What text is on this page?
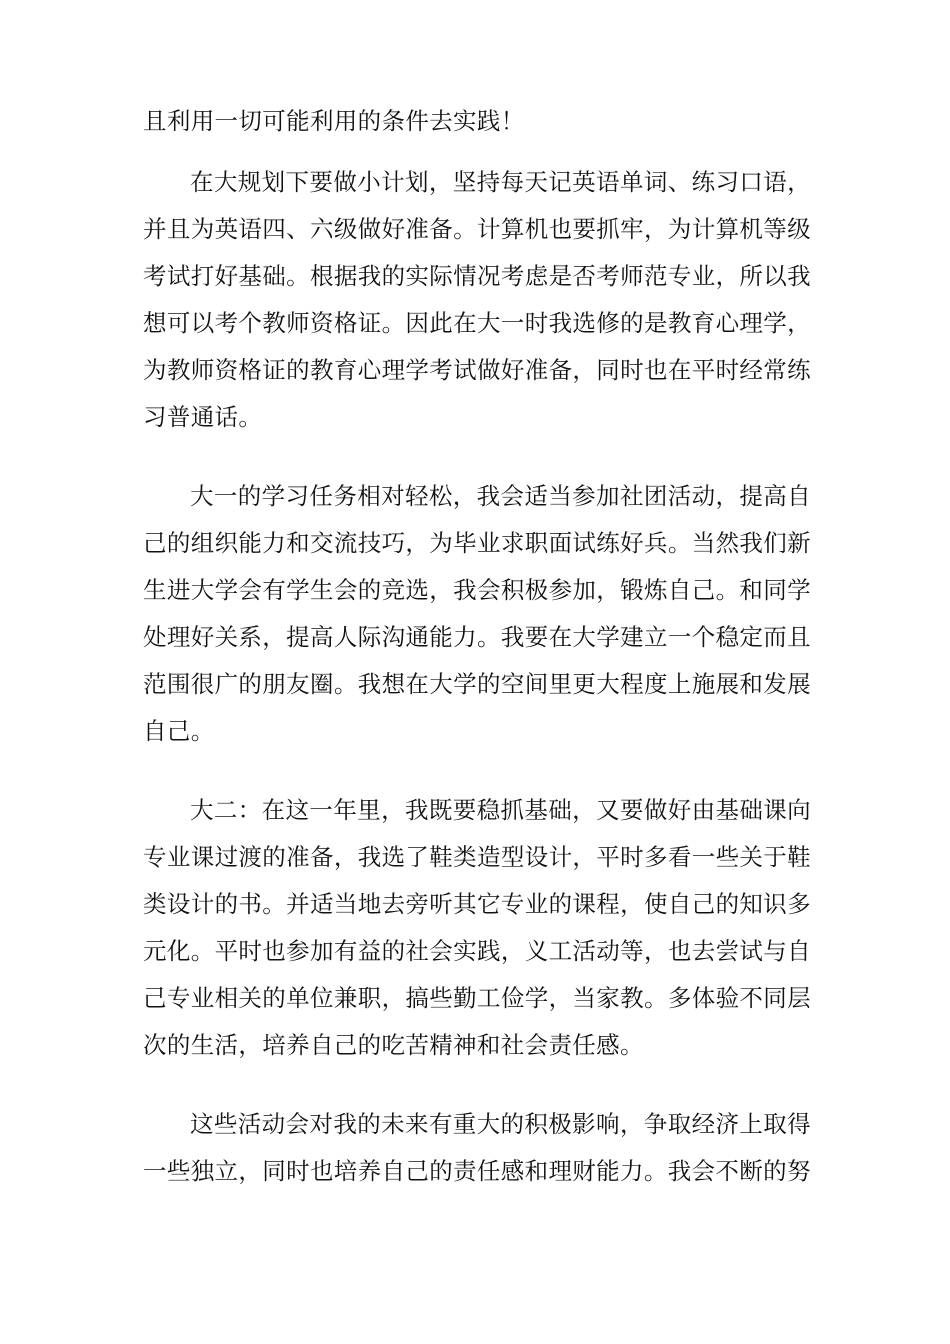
且利用一切可能利用的条件去实践！

在大规划下要做小计划，坚持每天记英语单词、练习口语，并且为英语四、六级做好准备。计算机也要抓牢，为计算机等级考试打好基础。根据我的实际情况考虑是否考师范专业，所以我想可以考个教师资格证。因此在大一时我选修的是教育心理学，为教师资格证的教育心理学考试做好准备，同时也在平时经常练习普通话。

大一的学习任务相对轻松，我会适当参加社团活动，提高自己的组织能力和交流技巧，为毕业求职面试练好兵。当然我们新生进大学会有学生会的竞选，我会积极参加，锻炼自己。和同学处理好关系，提高人际沟通能力。我要在大学建立一个稳定而且范围很广的朋友圈。我想在大学的空间里更大程度上施展和发展自己。

大二：在这一年里，我既要稳抓基础，又要做好由基础课向专业课过渡的准备，我选了鞋类造型设计，平时多看一些关于鞋类设计的书。并适当地去旁听其它专业的课程，使自己的知识多元化。平时也参加有益的社会实践，义工活动等，也去尝试与自己专业相关的单位兼职，搞些勤工俭学，当家教。多体验不同层次的生活，培养自己的吃苦精神和社会责任感。

这些活动会对我的未来有重大的积极影响，争取经济上取得一些独立，同时也培养自己的责任感和理财能力。我会不断的努
